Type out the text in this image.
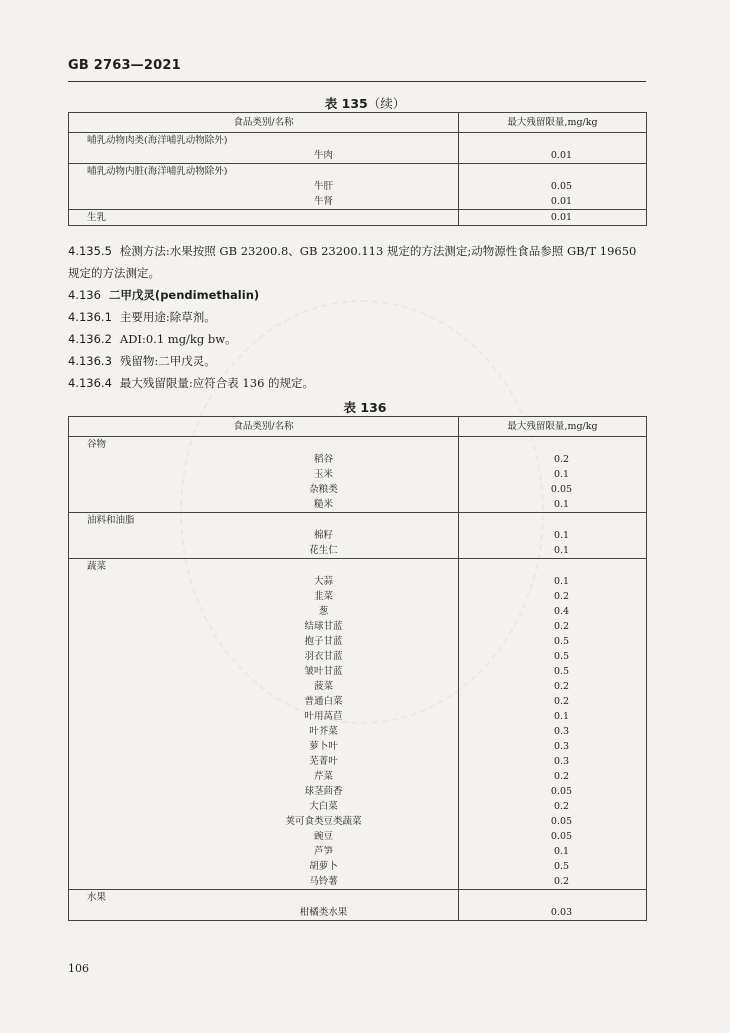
GB 2763—2021
表 135（续）
食品类别/名称	最大残留限量,mg/kg
哺乳动物肉类(海洋哺乳动物除外)	
牛肉	0.01
哺乳动物内脏(海洋哺乳动物除外)	
牛肝	0.05
牛肾	0.01
生乳	0.01
4.135.5 检测方法:水果按照 GB 23200.8、GB 23200.113 规定的方法测定;动物源性食品参照 GB/T 19650 规定的方法测定。
4.136 二甲戊灵(pendimethalin)
4.136.1 主要用途:除草剂。
4.136.2 ADI:0.1 mg/kg bw。
4.136.3 残留物:二甲戊灵。
4.136.4 最大残留限量:应符合表 136 的规定。
表 136
食品类别/名称	最大残留限量,mg/kg
谷物	
稻谷	0.2
玉米	0.1
杂粮类	0.05
糙米	0.1
油料和油脂	
棉籽	0.1
花生仁	0.1
蔬菜	
大蒜	0.1
韭菜	0.2
葱	0.4
结球甘蓝	0.2
抱子甘蓝	0.5
羽衣甘蓝	0.5
皱叶甘蓝	0.5
菠菜	0.2
普通白菜	0.2
叶用莴苣	0.1
叶芥菜	0.3
萝卜叶	0.3
芜菁叶	0.3
芹菜	0.2
球茎茴香	0.05
大白菜	0.2
荚可食类豆类蔬菜	0.05
豌豆	0.05
芦笋	0.1
胡萝卜	0.5
马铃薯	0.2
水果	
柑橘类水果	0.03
106
